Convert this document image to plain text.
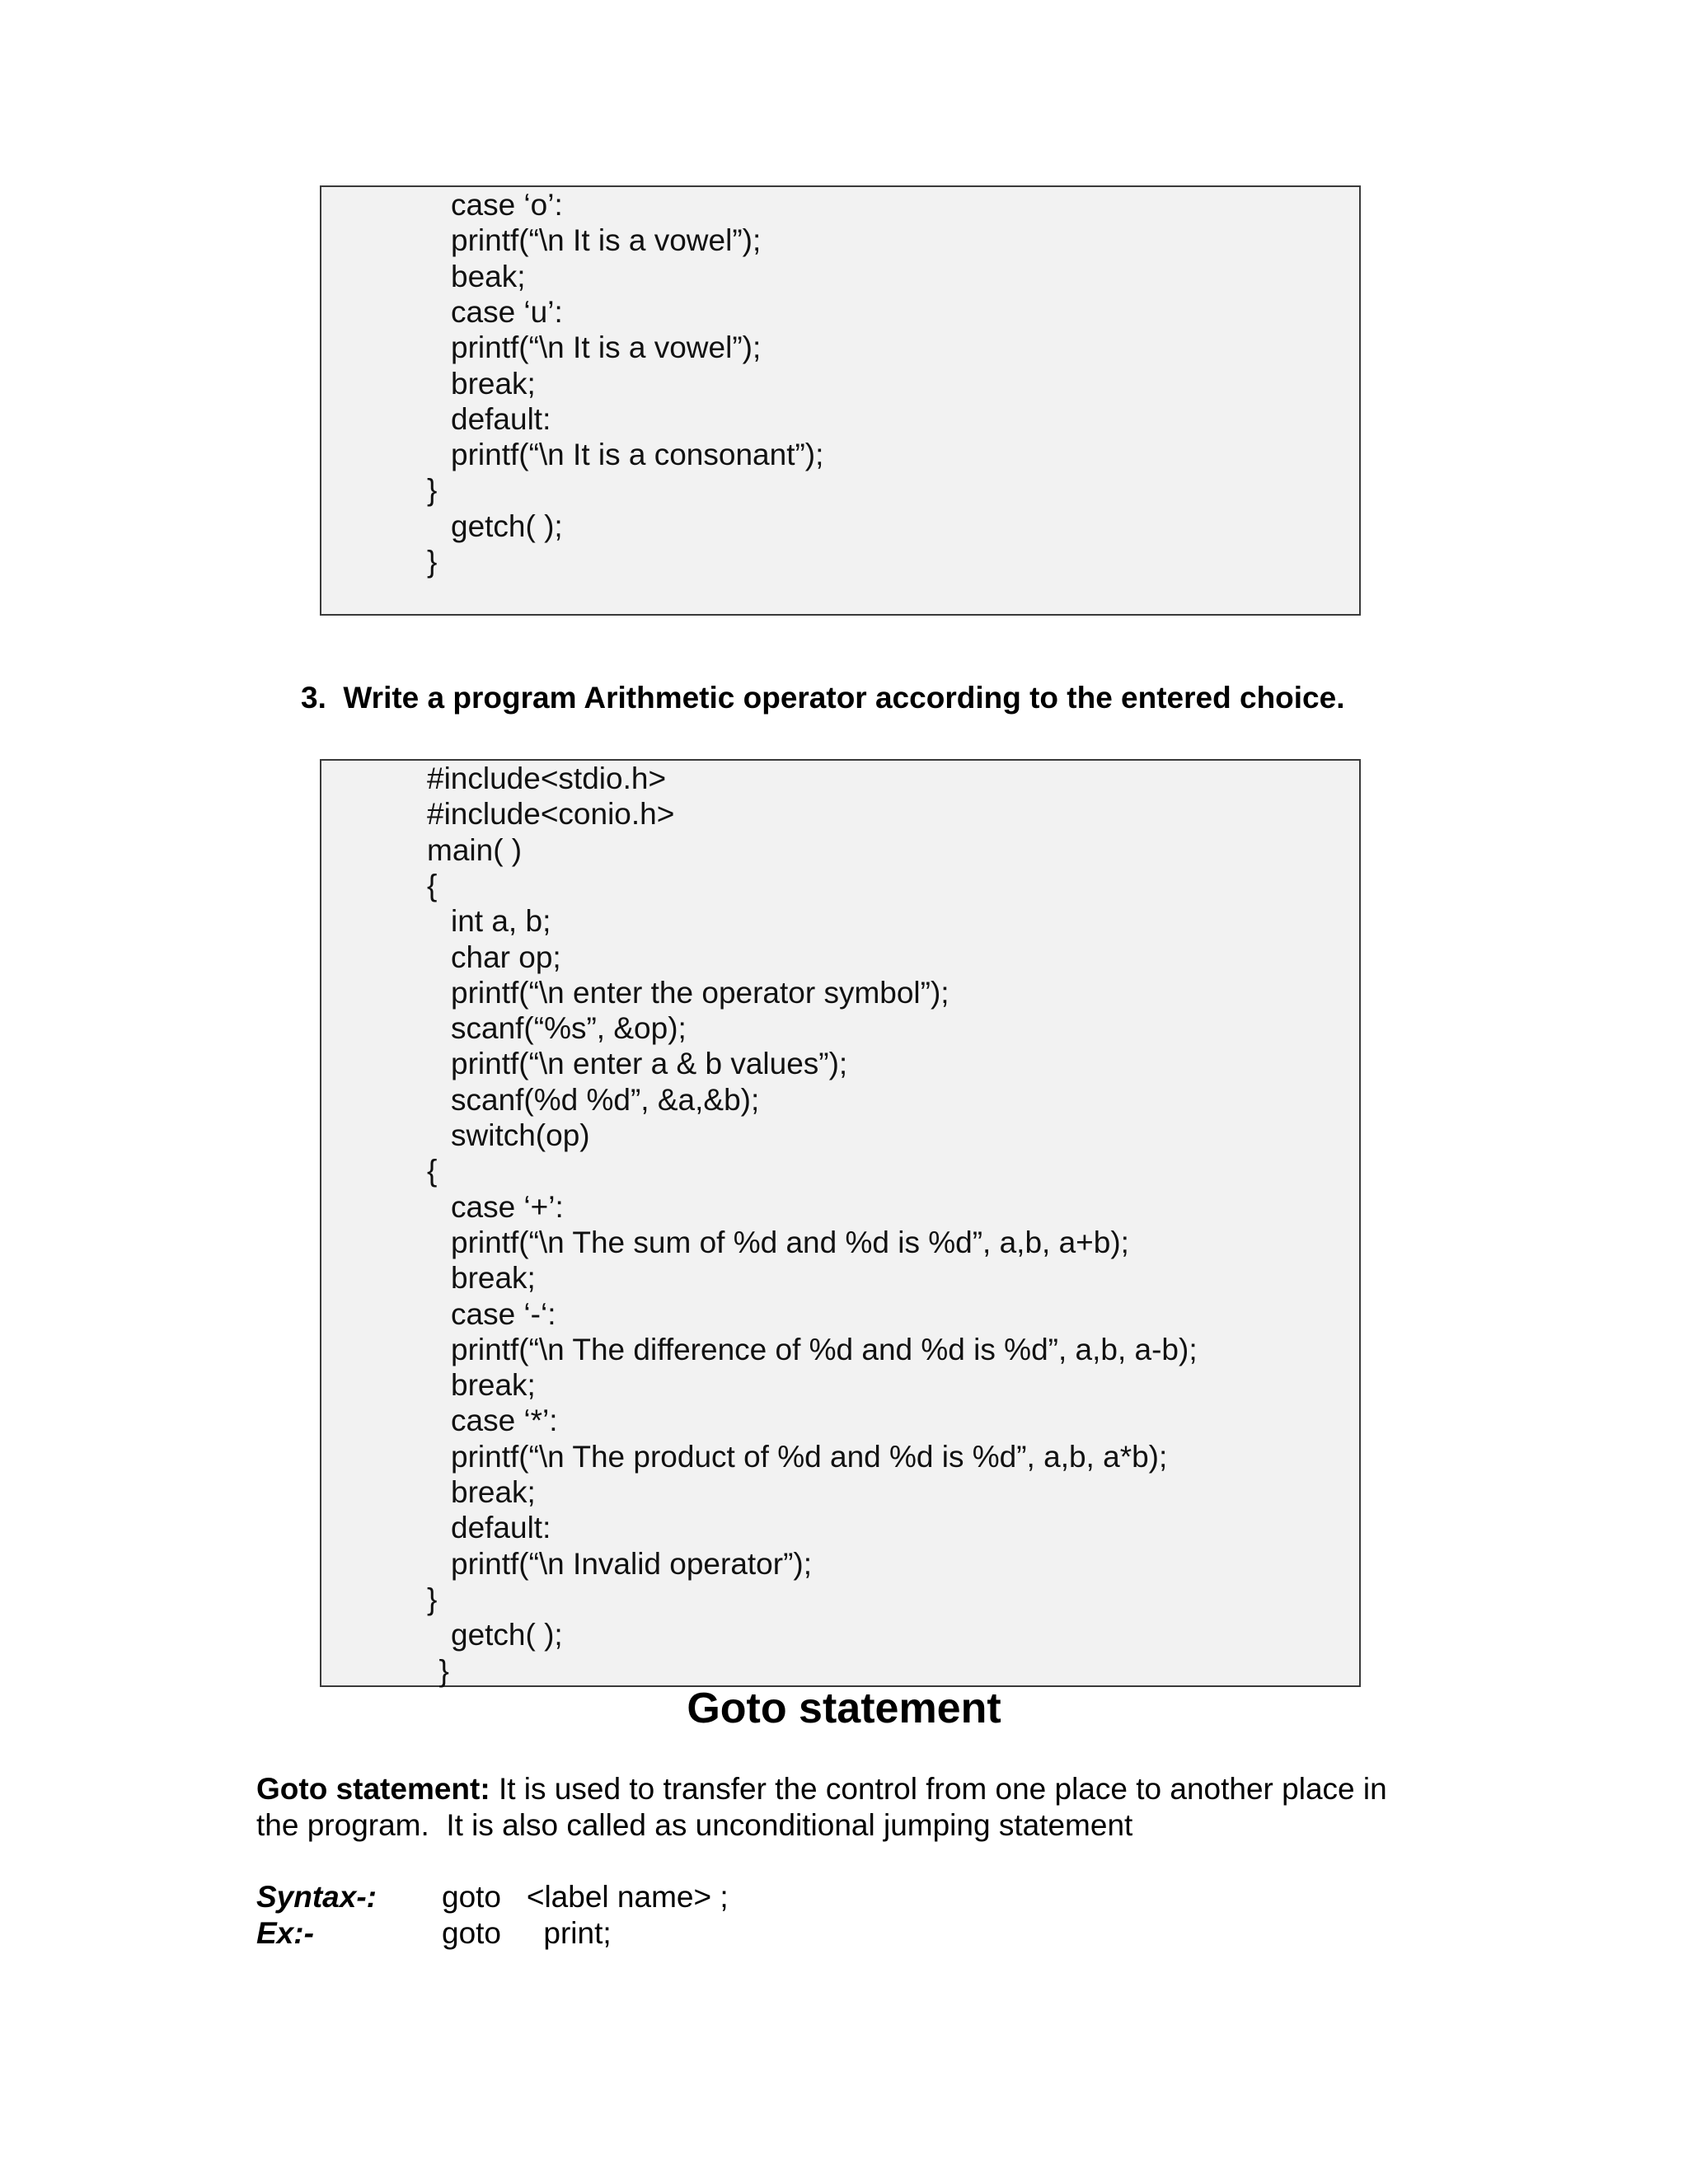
case ‘o’:
printf(“\n It is a vowel”);
beak;
case ‘u’:
printf(“\n It is a vowel”);
break;
default:
printf(“\n It is a consonant”);
}
getch( );
}
3.  Write a program Arithmetic operator according to the entered choice.
#include<stdio.h>
#include<conio.h>
main( )
{
int a, b;
char op;
printf(“\n enter the operator symbol”);
scanf(“%s”, &op);
printf(“\n enter a & b values”);
scanf(%d %d”, &a,&b);
switch(op)
{
case ‘+’:
printf(“\n The sum of %d and %d is %d”, a,b, a+b);
break;
case ‘-‘:
printf(“\n The difference of %d and %d is %d”, a,b, a-b);
break;
case ‘*’:
printf(“\n The product of %d and %d is %d”, a,b, a*b);
break;
default:
printf(“\n Invalid operator”);
}
getch( );
}
Goto statement
Goto statement: It is used to transfer the control from one place to another place in
the program.  It is also called as unconditional jumping statement
Syntax-: goto   <label name> ;
Ex:-	goto     print;
